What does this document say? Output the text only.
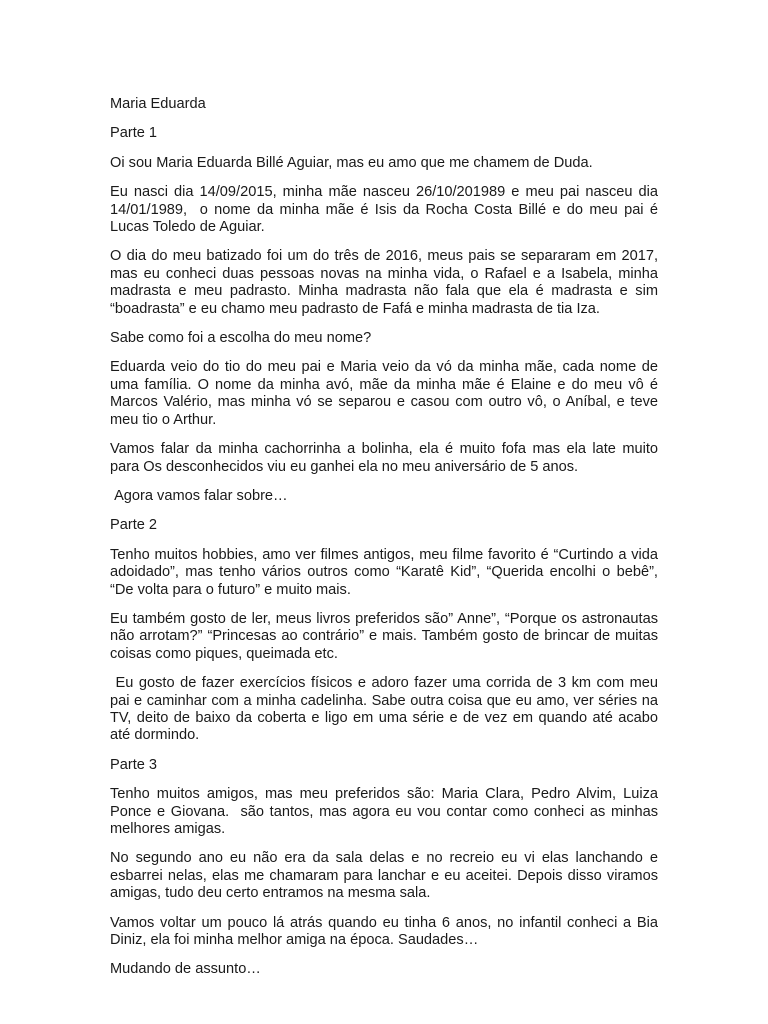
Maria Eduarda

Parte 1

Oi sou Maria Eduarda Billé Aguiar, mas eu amo que me chamem de Duda.

Eu nasci dia 14/09/2015, minha mãe nasceu 26/10/201989 e meu pai nasceu dia 14/01/1989,  o nome da minha mãe é Isis da Rocha Costa Billé e do meu pai é Lucas Toledo de Aguiar.

O dia do meu batizado foi um do três de 2016, meus pais se separaram em 2017, mas eu conheci duas pessoas novas na minha vida, o Rafael e a Isabela, minha madrasta e meu padrasto. Minha madrasta não fala que ela é madrasta e sim “boadrasta” e eu chamo meu padrasto de Fafá e minha madrasta de tia Iza.

Sabe como foi a escolha do meu nome?

Eduarda veio do tio do meu pai e Maria veio da vó da minha mãe, cada nome de uma família. O nome da minha avó, mãe da minha mãe é Elaine e do meu vô é Marcos Valério, mas minha vó se separou e casou com outro vô, o Aníbal, e teve meu tio o Arthur.

Vamos falar da minha cachorrinha a bolinha, ela é muito fofa mas ela late muito para Os desconhecidos viu eu ganhei ela no meu aniversário de 5 anos.

Agora vamos falar sobre…

Parte 2

Tenho muitos hobbies, amo ver filmes antigos, meu filme favorito é “Curtindo a vida adoidado”, mas tenho vários outros como “Karatê Kid”, “Querida encolhi o bebê”, “De volta para o futuro” e muito mais.

Eu também gosto de ler, meus livros preferidos são” Anne”, “Porque os astronautas não arrotam?” “Princesas ao contrário” e mais. Também gosto de brincar de muitas coisas como piques, queimada etc.

Eu gosto de fazer exercícios físicos e adoro fazer uma corrida de 3 km com meu pai e caminhar com a minha cadelinha. Sabe outra coisa que eu amo, ver séries na TV, deito de baixo da coberta e ligo em uma série e de vez em quando até acabo até dormindo.

Parte 3

Tenho muitos amigos, mas meu preferidos são: Maria Clara, Pedro Alvim, Luiza Ponce e Giovana.  são tantos, mas agora eu vou contar como conheci as minhas melhores amigas.

No segundo ano eu não era da sala delas e no recreio eu vi elas lanchando e esbarrei nelas, elas me chamaram para lanchar e eu aceitei. Depois disso viramos amigas, tudo deu certo entramos na mesma sala.

Vamos voltar um pouco lá atrás quando eu tinha 6 anos, no infantil conheci a Bia Diniz, ela foi minha melhor amiga na época. Saudades…

Mudando de assunto…
